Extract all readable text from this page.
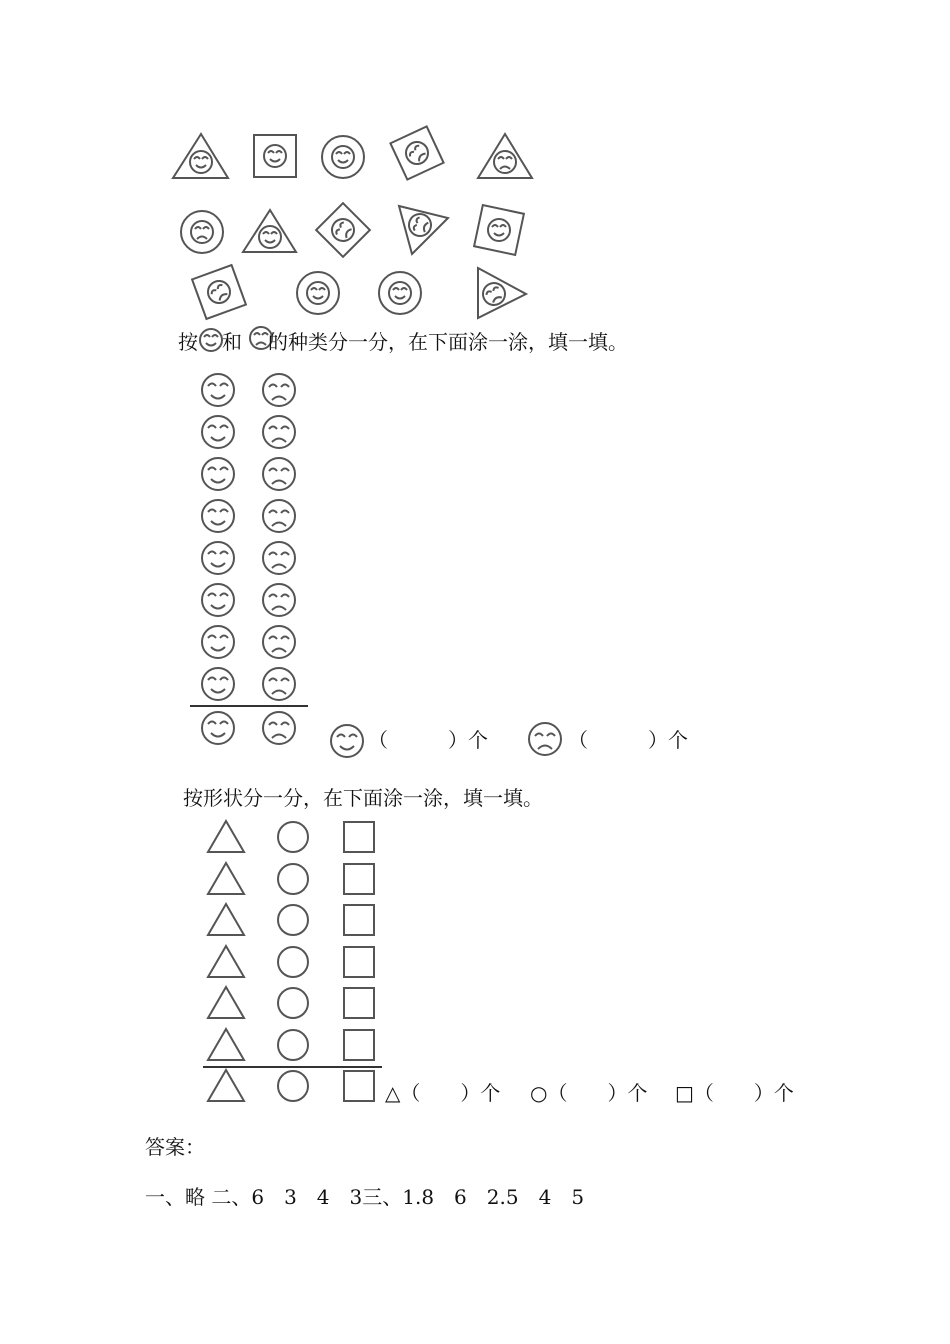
按 和 的种类分一分，在下面涂一涂，填一填。
（　　　）个	（　　　）个
按形状分一分，在下面涂一涂，填一填。
△（　　）个 ○（　　）个 □（　　）个
答案：
一、略 二、6　3　4　3三、1.8　6　2.5　4　5
